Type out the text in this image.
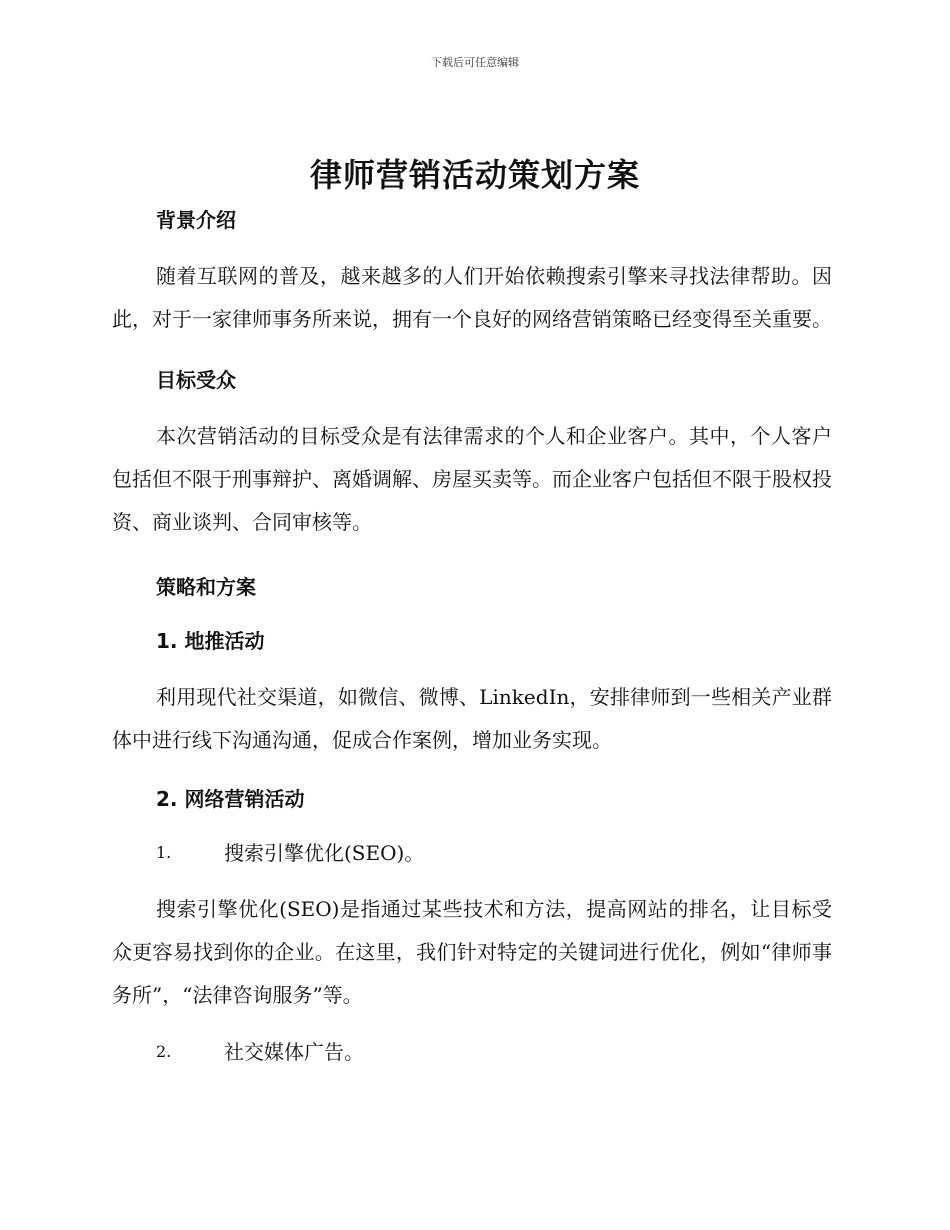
下载后可任意编辑
律师营销活动策划方案
背景介绍

随着互联网的普及，越来越多的人们开始依赖搜索引擎来寻找法律帮助。因此，对于一家律师事务所来说，拥有一个良好的网络营销策略已经变得至关重要。

目标受众

本次营销活动的目标受众是有法律需求的个人和企业客户。其中，个人客户包括但不限于刑事辩护、离婚调解、房屋买卖等。而企业客户包括但不限于股权投资、商业谈判、合同审核等。

策略和方案
1. 地推活动

利用现代社交渠道，如微信、微博、LinkedIn，安排律师到一些相关产业群体中进行线下沟通沟通，促成合作案例，增加业务实现。

2. 网络营销活动
1.	搜索引擎优化(SEO)。

搜索引擎优化(SEO)是指通过某些技术和方法，提高网站的排名，让目标受众更容易找到你的企业。在这里，我们针对特定的关键词进行优化，例如“律师事务所”，“法律咨询服务”等。

2.	社交媒体广告。
